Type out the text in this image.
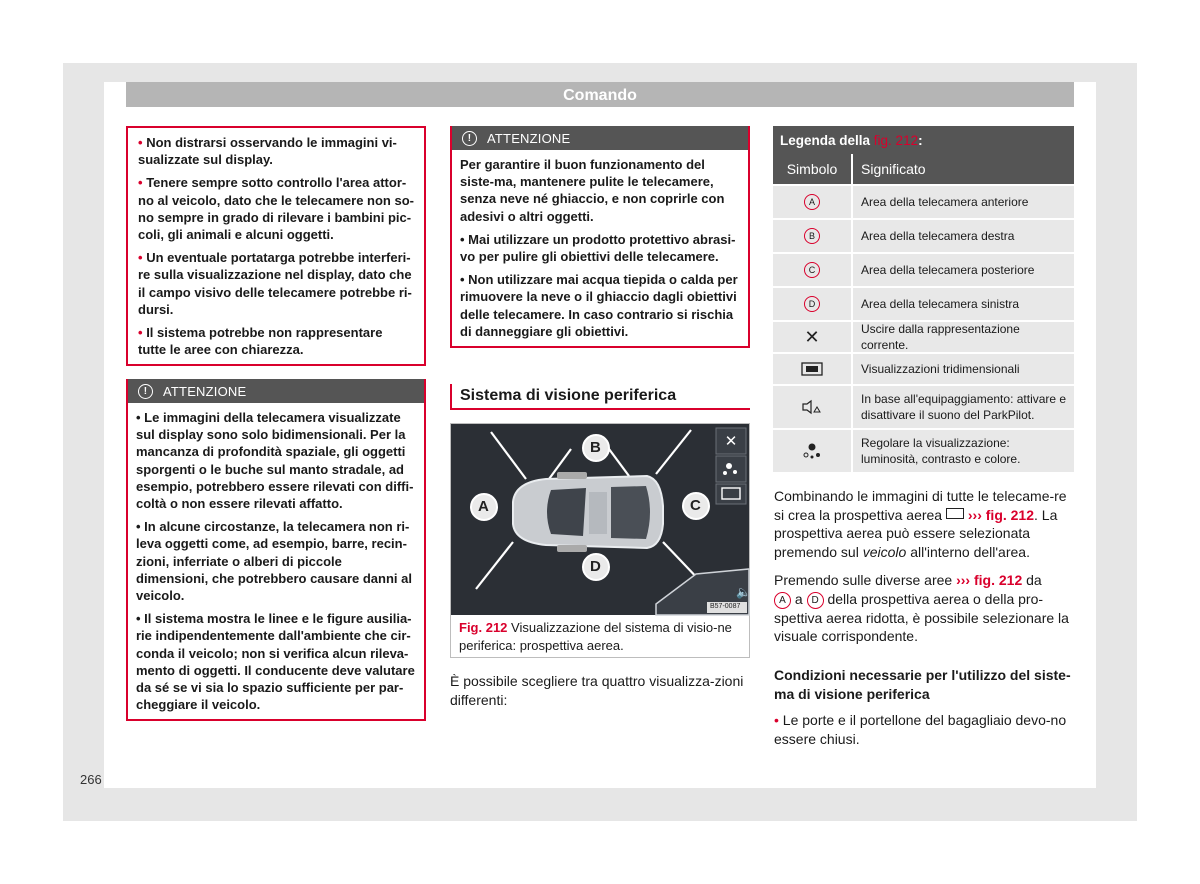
Comando
• Non distrarsi osservando le immagini vi-sualizzate sul display.
• Tenere sempre sotto controllo l'area attor-no al veicolo, dato che le telecamere non so-no sempre in grado di rilevare i bambini pic-coli, gli animali e alcuni oggetti.
• Un eventuale portatarga potrebbe interferi-re sulla visualizzazione nel display, dato che il campo visivo delle telecamere potrebbe ri-dursi.
• Il sistema potrebbe non rappresentare tutte le aree con chiarezza.
!	ATTENZIONE

• Le immagini della telecamera visualizzate sul display sono solo bidimensionali. Per la mancanza di profondità spaziale, gli oggetti sporgenti o le buche sul manto stradale, ad esempio, potrebbero essere rilevati con diffi-coltà o non essere rilevati affatto.

• In alcune circostanze, la telecamera non ri-leva oggetti come, ad esempio, barre, recin-zioni, inferriate o alberi di piccole dimensioni, che potrebbero causare danni al veicolo.

• Il sistema mostra le linee e le figure ausilia-rie indipendentemente dall'ambiente che cir-conda il veicolo; non si verifica alcun rileva-mento di oggetti. Il conducente deve valutare da sé se vi sia lo spazio sufficiente per par-cheggiare il veicolo.

!	ATTENZIONE

Per garantire il buon funzionamento del siste-ma, mantenere pulite le telecamere, senza neve né ghiaccio, e non coprirle con adesivi o altri oggetti.

• Mai utilizzare un prodotto protettivo abrasi-vo per pulire gli obiettivi delle telecamere.

• Non utilizzare mai acqua tiepida o calda per rimuovere la neve o il ghiaccio dagli obiettivi delle telecamere. In caso contrario si rischia di danneggiare gli obiettivi.

Sistema di visione periferica
✕
🔈
A
B
C
D
B57-0087
Fig. 212 Visualizzazione del sistema di visio-ne periferica: prospettiva aerea.
È possibile scegliere tra quattro visualizza-zioni differenti:
Legenda della fig. 212:
Simbolo	Significato
A	Area della telecamera anteriore
B	Area della telecamera destra
C	Area della telecamera posteriore
D	Area della telecamera sinistra
✕	Uscire dalla rappresentazione corrente.
Visualizzazioni tridimensionali
In base all'equipaggiamento: attivare e disattivare il suono del ParkPilot.
Regolare la visualizzazione: luminosità, contrasto e colore.
Combinando le immagini di tutte le telecame-re si crea la prospettiva aerea ››› fig. 212. La prospettiva aerea può essere selezionata premendo sul veicolo all'interno dell'area.
Premendo sulle diverse aree ››› fig. 212 da
A a D della prospettiva aerea o della pro-spettiva aerea ridotta, è possibile selezionare la visuale corrispondente.
Condizioni necessarie per l'utilizzo del siste-ma di visione periferica
• Le porte e il portellone del bagagliaio devo-no essere chiusi.
266
